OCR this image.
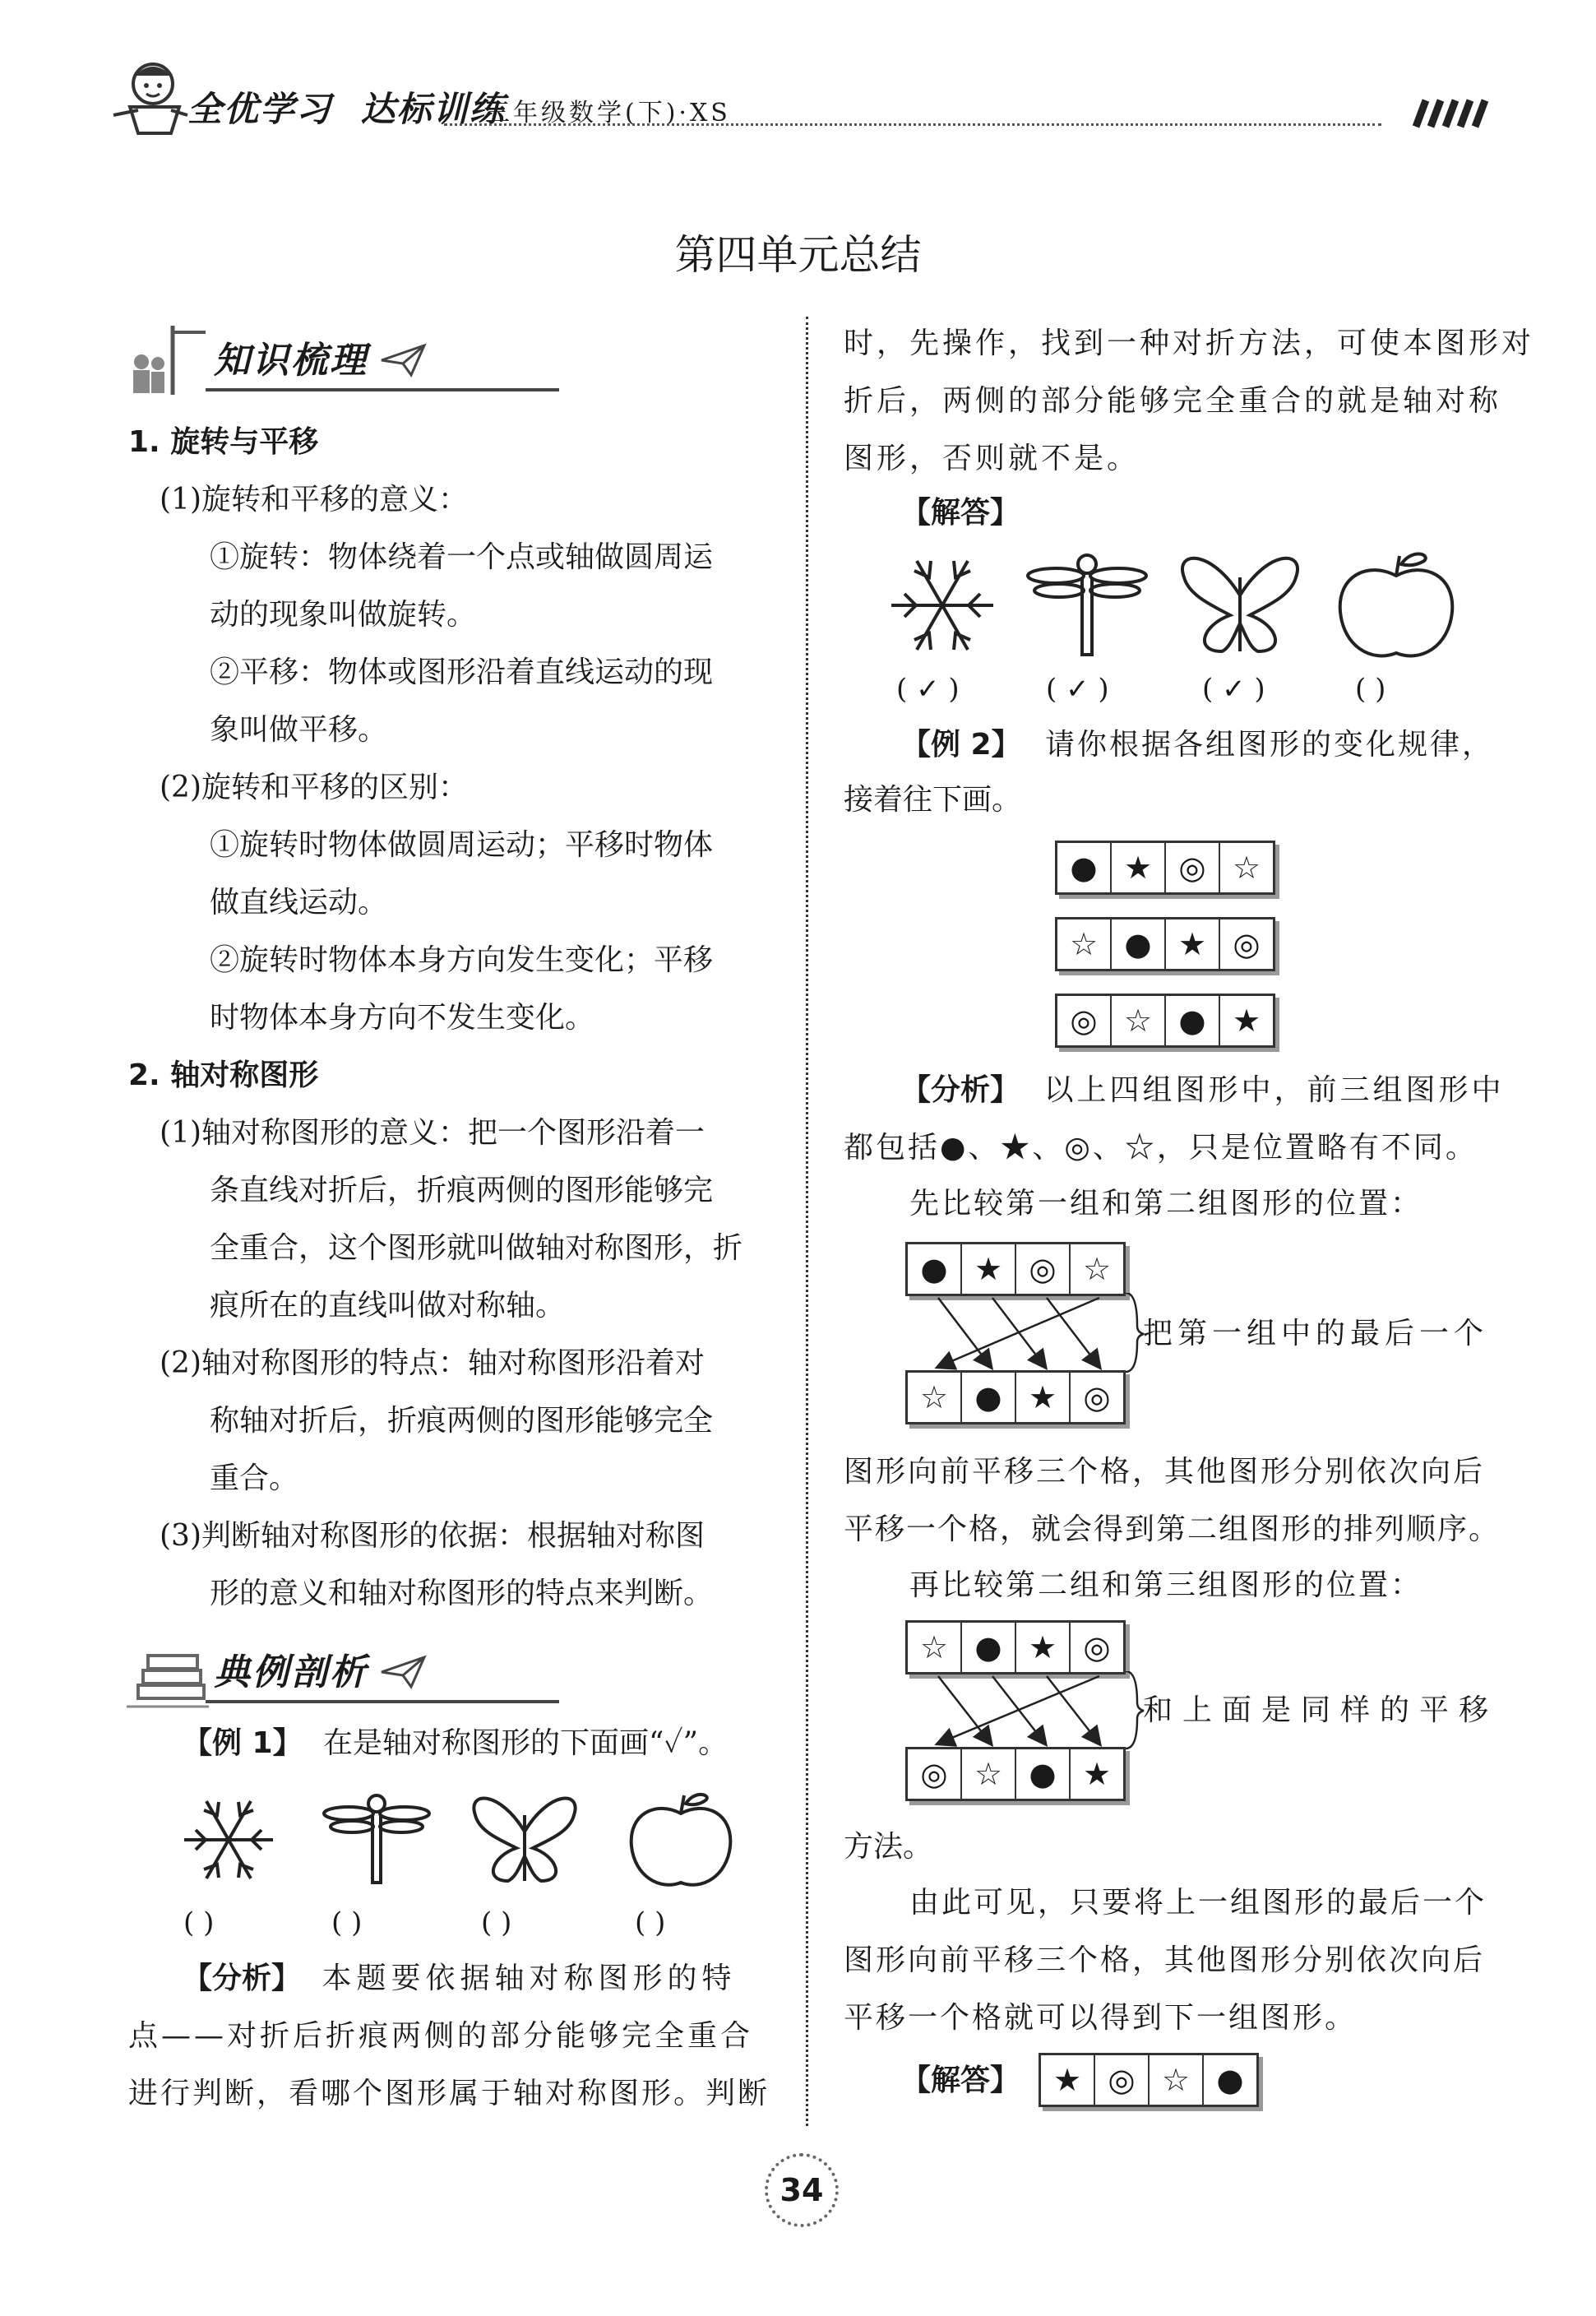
全优学习 达标训练
三年级数学(下)·XS
第四单元总结
知识梳理
1. 旋转与平移
(1)旋转和平移的意义：
①旋转：物体绕着一个点或轴做圆周运
动的现象叫做旋转。
②平移：物体或图形沿着直线运动的现
象叫做平移。
(2)旋转和平移的区别：
①旋转时物体做圆周运动；平移时物体
做直线运动。
②旋转时物体本身方向发生变化；平移
时物体本身方向不发生变化。
2. 轴对称图形
(1)轴对称图形的意义：把一个图形沿着一
条直线对折后，折痕两侧的图形能够完
全重合，这个图形就叫做轴对称图形，折
痕所在的直线叫做对称轴。
(2)轴对称图形的特点：轴对称图形沿着对
称轴对折后，折痕两侧的图形能够完全
重合。
(3)判断轴对称图形的依据：根据轴对称图
形的意义和轴对称图形的特点来判断。
典例剖析
【例 1】 在是轴对称图形的下面画“✓”。
( )	( )	( )	( )
【分析】 本题要依据轴对称图形的特
点——对折后折痕两侧的部分能够完全重合
进行判断，看哪个图形属于轴对称图形。判断
时，先操作，找到一种对折方法，可使本图形对
折后，两侧的部分能够完全重合的就是轴对称
图形，否则就不是。
【解答】
( ✓ )	( ✓ )	( ✓ )	( )
【例 2】 请你根据各组图形的变化规律，
接着往下画。
● ★ ◎ ☆
☆ ● ★ ◎
◎ ☆ ● ★
【分析】 以上四组图形中，前三组图形中
都包括●、★、◎、☆，只是位置略有不同。
先比较第一组和第二组图形的位置：
● ★ ◎ ☆
☆ ● ★ ◎
把第一组中的最后一个
图形向前平移三个格，其他图形分别依次向后
平移一个格，就会得到第二组图形的排列顺序。
再比较第二组和第三组图形的位置：
☆ ● ★ ◎
◎ ☆ ● ★
和上面是同样的平移
方法。
由此可见，只要将上一组图形的最后一个
图形向前平移三个格，其他图形分别依次向后
平移一个格就可以得到下一组图形。
【解答】	★ ◎ ☆ ●
34
